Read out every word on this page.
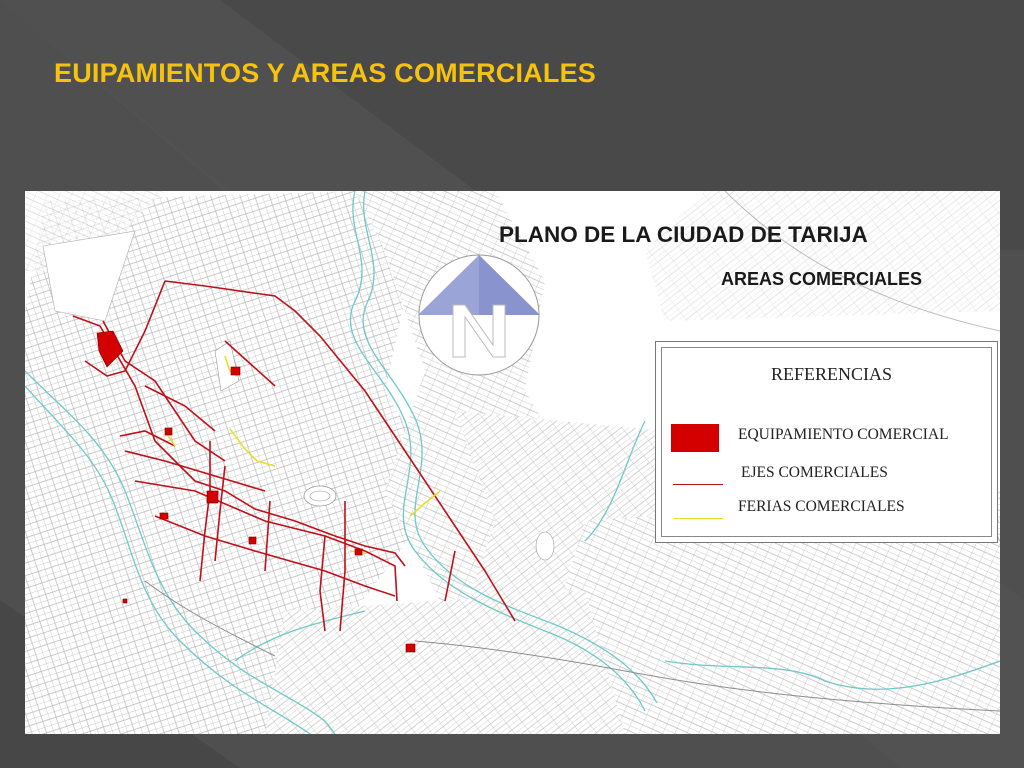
EUIPAMIENTOS Y AREAS COMERCIALES
PLANO DE LA CIUDAD DE TARIJA
AREAS COMERCIALES
N	REFERENCIAS
EQUIPAMIENTO COMERCIAL
EJES COMERCIALES
FERIAS COMERCIALES
